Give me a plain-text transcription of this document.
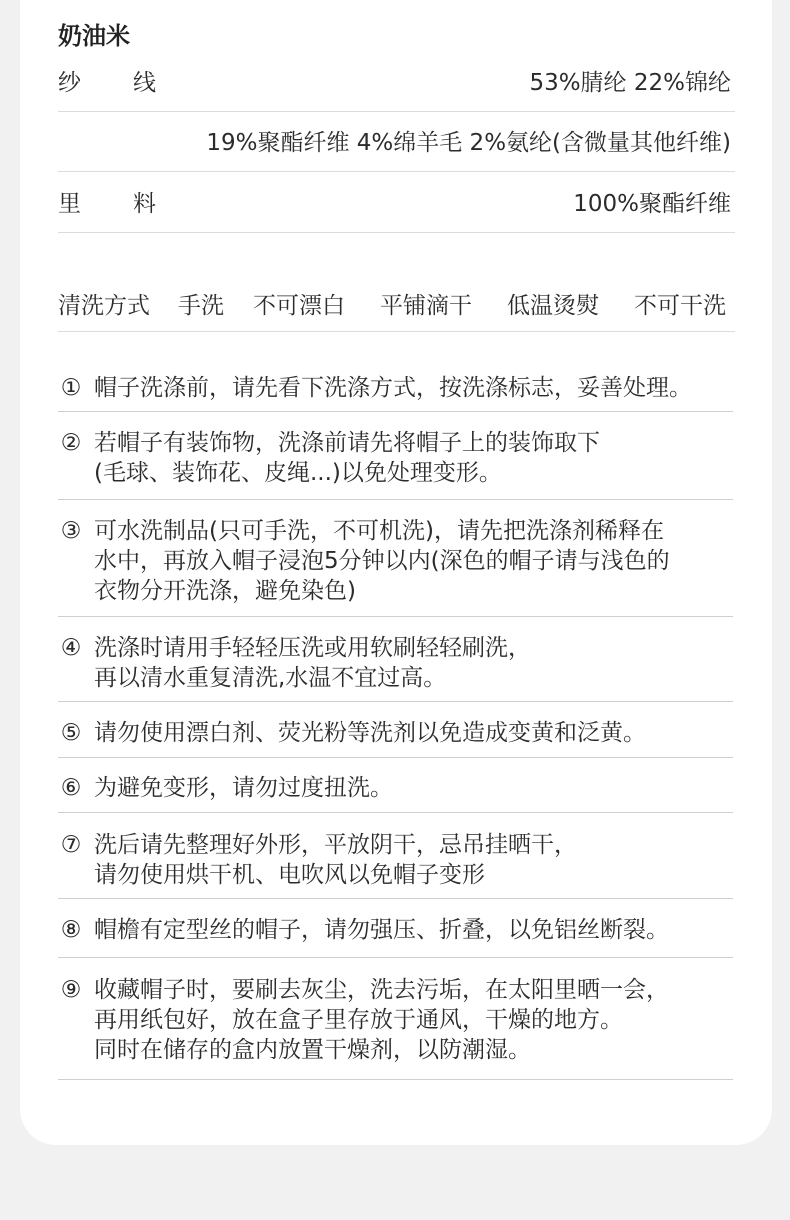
奶油米
纱线	53%腈纶 22%锦纶
19%聚酯纤维 4%绵羊毛 2%氨纶(含微量其他纤维)
里料	100%聚酯纤维
清洗方式 手洗 不可漂白 平铺滴干 低温烫熨 不可干洗
① 帽子洗涤前，请先看下洗涤方式，按洗涤标志，妥善处理。
② 若帽子有装饰物，洗涤前请先将帽子上的装饰取下
(毛球、装饰花、皮绳...)以免处理变形。
③ 可水洗制品(只可手洗，不可机洗)，请先把洗涤剂稀释在
水中，再放入帽子浸泡5分钟以内(深色的帽子请与浅色的
衣物分开洗涤，避免染色)
④ 洗涤时请用手轻轻压洗或用软刷轻轻刷洗，
再以清水重复清洗,水温不宜过高。
⑤ 请勿使用漂白剂、荧光粉等洗剂以免造成变黄和泛黄。
⑥ 为避免变形，请勿过度扭洗。
⑦ 洗后请先整理好外形，平放阴干，忌吊挂晒干，
请勿使用烘干机、电吹风以免帽子变形
⑧ 帽檐有定型丝的帽子，请勿强压、折叠，以免铝丝断裂。
⑨ 收藏帽子时，要刷去灰尘，洗去污垢，在太阳里晒一会，
再用纸包好，放在盒子里存放于通风，干燥的地方。
同时在储存的盒内放置干燥剂，以防潮湿。
